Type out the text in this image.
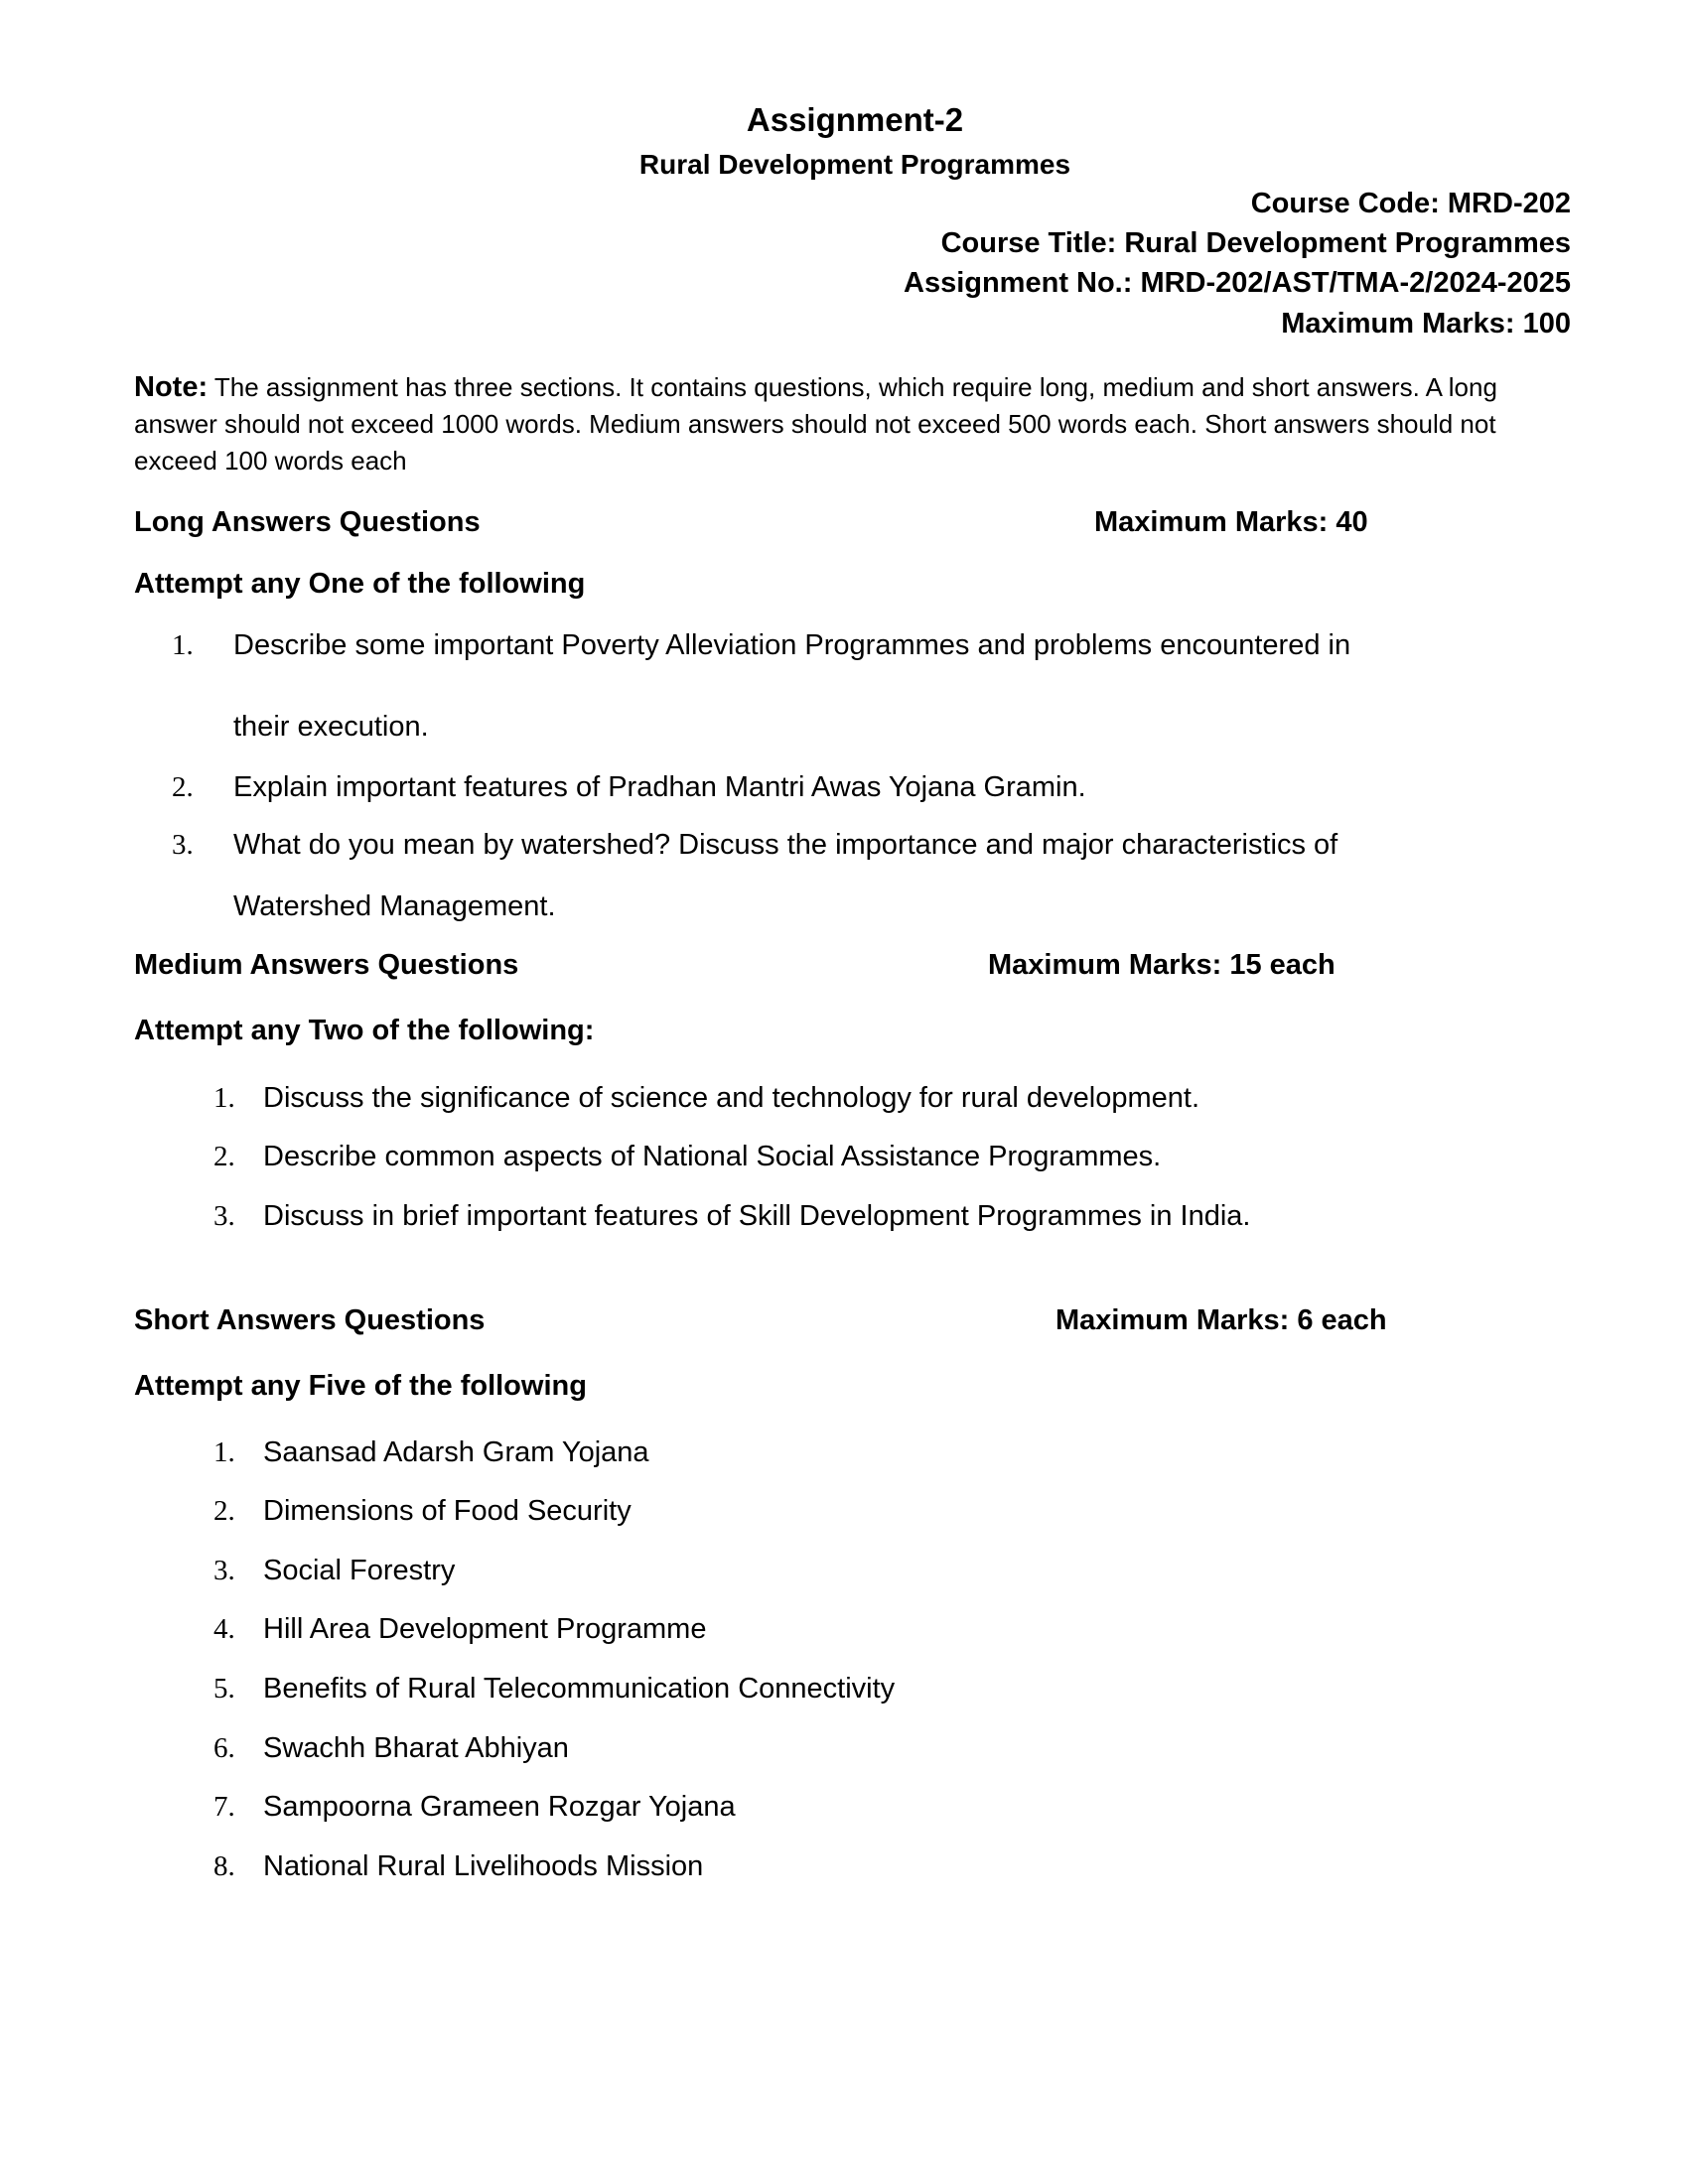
Assignment-2
Rural Development Programmes
Course Code: MRD-202
Course Title: Rural Development Programmes
Assignment No.: MRD-202/AST/TMA-2/2024-2025
Maximum Marks: 100
Note: The assignment has three sections. It contains questions, which require long, medium and short answers. A long answer should not exceed 1000 words. Medium answers should not exceed 500 words each. Short answers should not exceed 100 words each
Long Answers Questions	Maximum Marks: 40
Attempt any One of the following
1. Describe some important Poverty Alleviation Programmes and problems encountered in
their execution.
2. Explain important features of Pradhan Mantri Awas Yojana Gramin.
3. What do you mean by watershed? Discuss the importance and major characteristics of
Watershed Management.
Medium Answers Questions	Maximum Marks: 15 each
Attempt any Two of the following:
1. Discuss the significance of science and technology for rural development.
2. Describe common aspects of National Social Assistance Programmes.
3. Discuss in brief important features of Skill Development Programmes in India.
Short Answers Questions	Maximum Marks: 6 each
Attempt any Five of the following
1. Saansad Adarsh Gram Yojana
2. Dimensions of Food Security
3. Social Forestry
4. Hill Area Development Programme
5. Benefits of Rural Telecommunication Connectivity
6. Swachh Bharat Abhiyan
7. Sampoorna Grameen Rozgar Yojana
8. National Rural Livelihoods Mission
